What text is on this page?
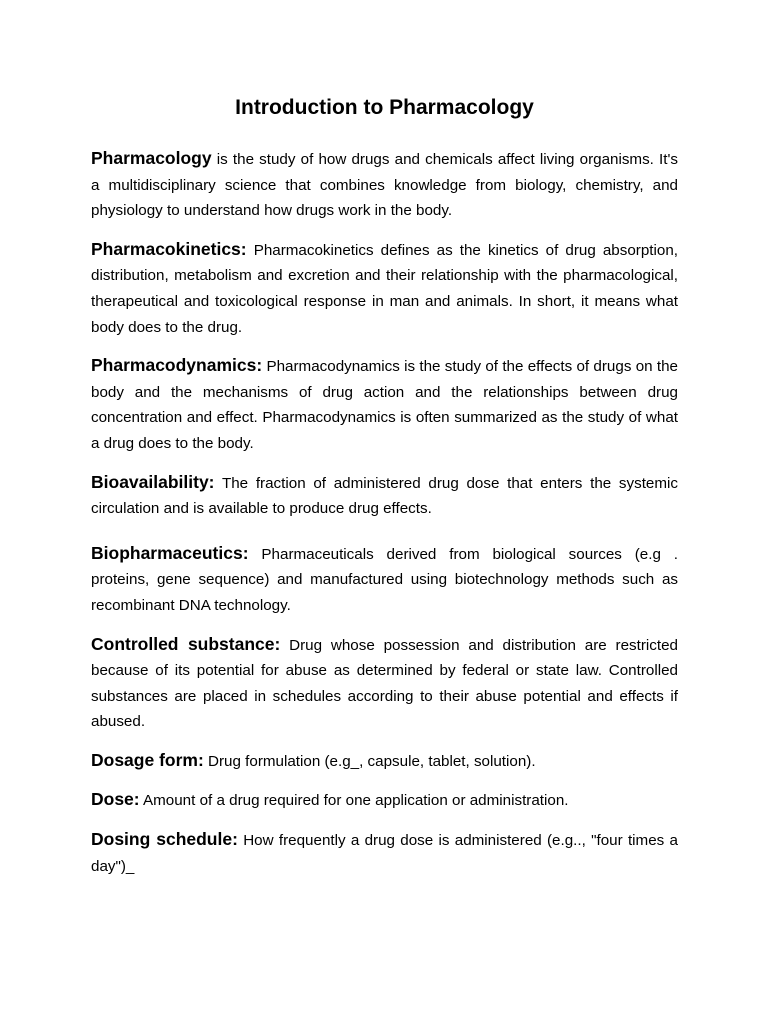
Introduction to Pharmacology

Pharmacology is the study of how drugs and chemicals affect living organisms. It's a multidisciplinary science that combines knowledge from biology, chemistry, and physiology to understand how drugs work in the body.

Pharmacokinetics: Pharmacokinetics defines as the kinetics of drug absorption, distribution, metabolism and excretion and their relationship with the pharmacological, therapeutical and toxicological response in man and animals. In short, it means what body does to the drug.

Pharmacodynamics: Pharmacodynamics is the study of the effects of drugs on the body and the mechanisms of drug action and the relationships between drug concentration and effect. Pharmacodynamics is often summarized as the study of what a drug does to the body.

Bioavailability: The fraction of administered drug dose that enters the systemic circulation and is available to produce drug effects.

Biopharmaceutics: Pharmaceuticals derived from biological sources (e.g . proteins, gene sequence) and manufactured using biotechnology methods such as recombinant DNA technology.

Controlled substance: Drug whose possession and distribution are restricted because of its potential for abuse as determined by federal or state law. Controlled substances are placed in schedules according to their abuse potential and effects if abused.

Dosage form: Drug formulation (e.g_, capsule, tablet, solution).

Dose: Amount of a drug required for one application or administration.

Dosing schedule: How frequently a drug dose is administered (e.g.., "four times a day")_
